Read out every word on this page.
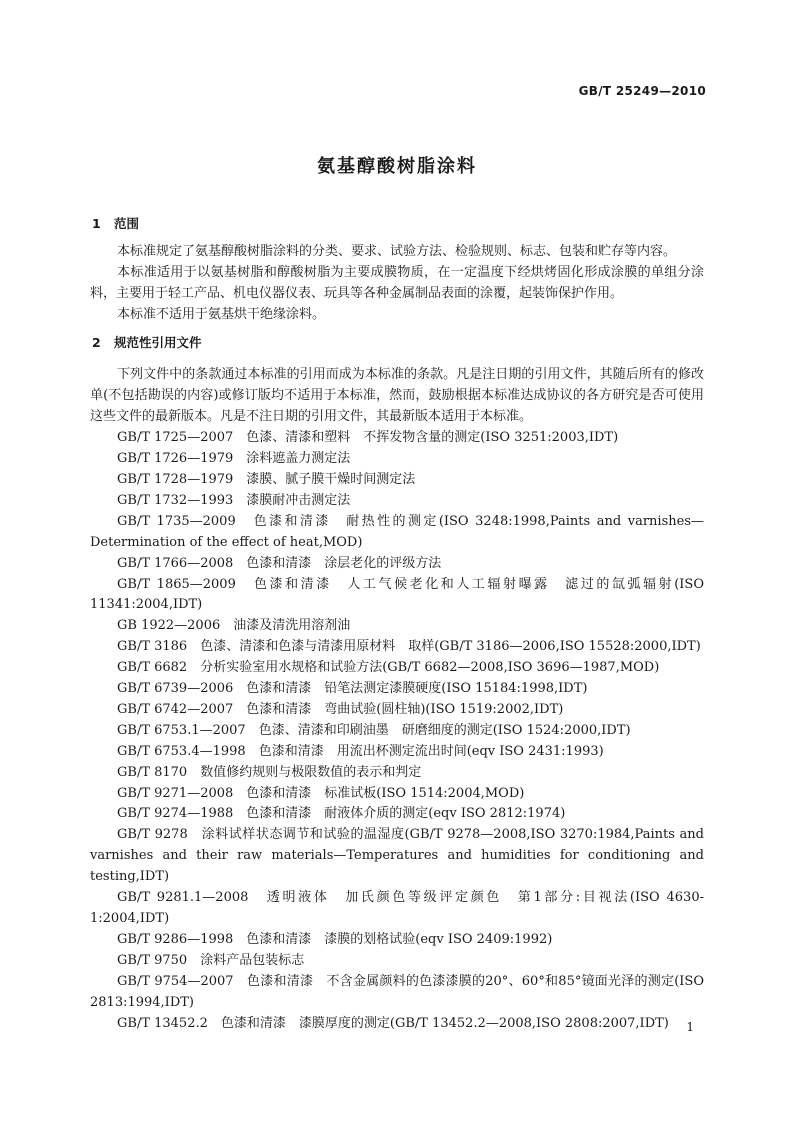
GB/T 25249—2010
氨基醇酸树脂涂料
1 范围

本标准规定了氨基醇酸树脂涂料的分类、要求、试验方法、检验规则、标志、包装和贮存等内容。

本标准适用于以氨基树脂和醇酸树脂为主要成膜物质，在一定温度下经烘烤固化形成涂膜的单组分涂料，主要用于轻工产品、机电仪器仪表、玩具等各种金属制品表面的涂覆，起装饰保护作用。

本标准不适用于氨基烘干绝缘涂料。

2 规范性引用文件

下列文件中的条款通过本标准的引用而成为本标准的条款。凡是注日期的引用文件，其随后所有的修改单(不包括勘误的内容)或修订版均不适用于本标准，然而，鼓励根据本标准达成协议的各方研究是否可使用这些文件的最新版本。凡是不注日期的引用文件，其最新版本适用于本标准。

GB/T 1725—2007　色漆、清漆和塑料　不挥发物含量的测定(ISO 3251:2003,IDT)

GB/T 1726—1979　涂料遮盖力测定法

GB/T 1728—1979　漆膜、腻子膜干燥时间测定法

GB/T 1732—1993　漆膜耐冲击测定法

GB/T 1735—2009　色漆和清漆　耐热性的测定(ISO 3248:1998,Paints and varnishes—Determination of the effect of heat,MOD)

GB/T 1766—2008　色漆和清漆　涂层老化的评级方法

GB/T 1865—2009　色漆和清漆　人工气候老化和人工辐射曝露　滤过的氙弧辐射(ISO 11341:2004,IDT)

GB 1922—2006　油漆及清洗用溶剂油

GB/T 3186　色漆、清漆和色漆与清漆用原材料　取样(GB/T 3186—2006,ISO 15528:2000,IDT)

GB/T 6682　分析实验室用水规格和试验方法(GB/T 6682—2008,ISO 3696—1987,MOD)

GB/T 6739—2006　色漆和清漆　铅笔法测定漆膜硬度(ISO 15184:1998,IDT)

GB/T 6742—2007　色漆和清漆　弯曲试验(圆柱轴)(ISO 1519:2002,IDT)

GB/T 6753.1—2007　色漆、清漆和印刷油墨　研磨细度的测定(ISO 1524:2000,IDT)

GB/T 6753.4—1998　色漆和清漆　用流出杯测定流出时间(eqv ISO 2431:1993)

GB/T 8170　数值修约规则与极限数值的表示和判定

GB/T 9271—2008　色漆和清漆　标准试板(ISO 1514:2004,MOD)

GB/T 9274—1988　色漆和清漆　耐液体介质的测定(eqv ISO 2812:1974)

GB/T 9278　涂料试样状态调节和试验的温湿度(GB/T 9278—2008,ISO 3270:1984,Paints and varnishes and their raw materials—Temperatures and humidities for conditioning and testing,IDT)

GB/T 9281.1—2008　透明液体　加氏颜色等级评定颜色　第1部分:目视法(ISO 4630-1:2004,IDT)

GB/T 9286—1998　色漆和清漆　漆膜的划格试验(eqv ISO 2409:1992)

GB/T 9750　涂料产品包装标志

GB/T 9754—2007　色漆和清漆　不含金属颜料的色漆漆膜的20°、60°和85°镜面光泽的测定(ISO 2813:1994,IDT)

GB/T 13452.2　色漆和清漆　漆膜厚度的测定(GB/T 13452.2—2008,ISO 2808:2007,IDT)	1
